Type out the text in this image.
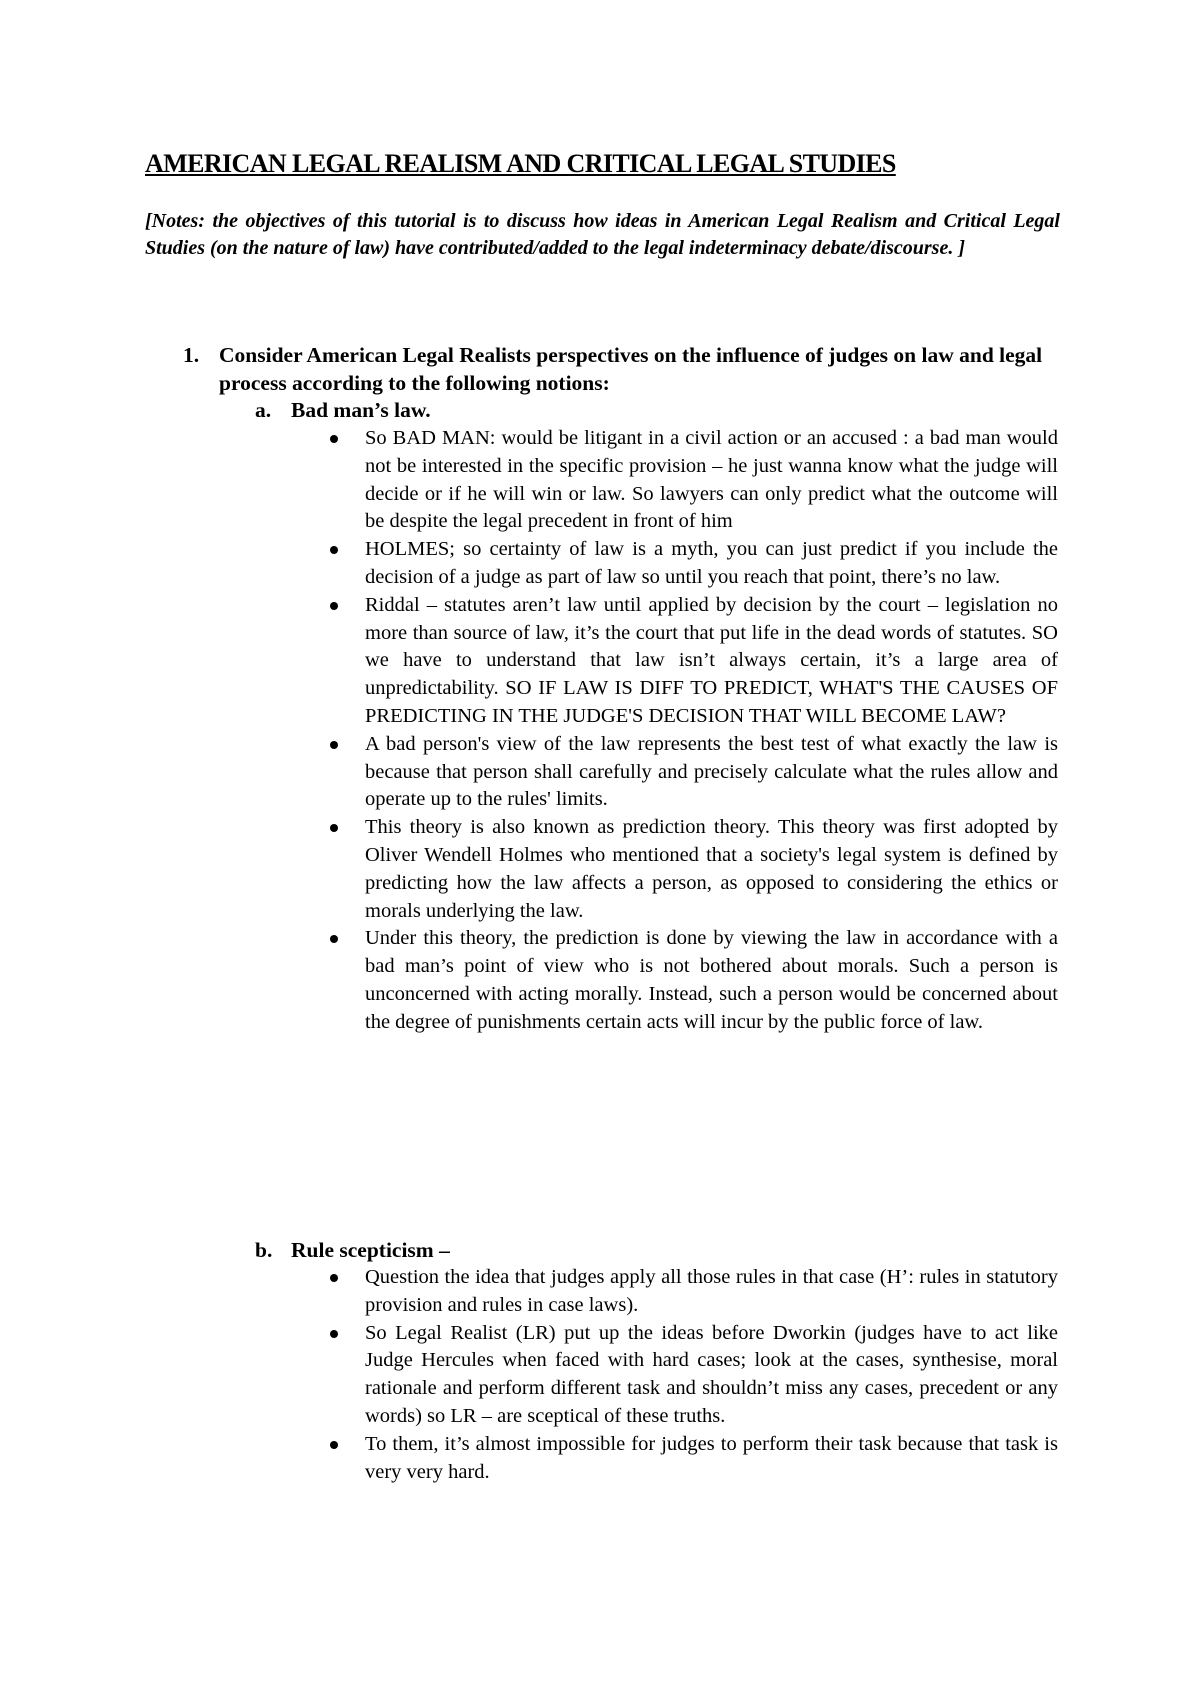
AMERICAN LEGAL REALISM AND CRITICAL LEGAL STUDIES

[Notes: the objectives of this tutorial is to discuss how ideas in American Legal Realism and Critical Legal Studies (on the nature of law) have contributed/added to the legal indeterminacy debate/discourse. ]

1. Consider American Legal Realists perspectives on the influence of judges on law and legal process according to the following notions:
a. Bad man’s law.
So BAD MAN: would be litigant in a civil action or an accused : a bad man would not be interested in the specific provision – he just wanna know what the judge will decide or if he will win or law. So lawyers can only predict what the outcome will be despite the legal precedent in front of him
HOLMES; so certainty of law is a myth, you can just predict if you include the decision of a judge as part of law so until you reach that point, there’s no law.
Riddal – statutes aren’t law until applied by decision by the court – legislation no more than source of law, it’s the court that put life in the dead words of statutes. SO we have to understand that law isn’t always certain, it’s a large area of unpredictability. SO IF LAW IS DIFF TO PREDICT, WHAT'S THE CAUSES OF PREDICTING IN THE JUDGE'S DECISION THAT WILL BECOME LAW?
A bad person's view of the law represents the best test of what exactly the law is because that person shall carefully and precisely calculate what the rules allow and operate up to the rules' limits.
This theory is also known as prediction theory. This theory was first adopted by Oliver Wendell Holmes who mentioned that a society's legal system is defined by predicting how the law affects a person, as opposed to considering the ethics or morals underlying the law.
Under this theory, the prediction is done by viewing the law in accordance with a bad man’s point of view who is not bothered about morals. Such a person is unconcerned with acting morally. Instead, such a person would be concerned about the degree of punishments certain acts will incur by the public force of law.
b. Rule scepticism –
Question the idea that judges apply all those rules in that case (H’: rules in statutory provision and rules in case laws).
So Legal Realist (LR) put up the ideas before Dworkin (judges have to act like Judge Hercules when faced with hard cases; look at the cases, synthesise, moral rationale and perform different task and shouldn’t miss any cases, precedent or any words) so LR – are sceptical of these truths.
To them, it’s almost impossible for judges to perform their task because that task is very very hard.
